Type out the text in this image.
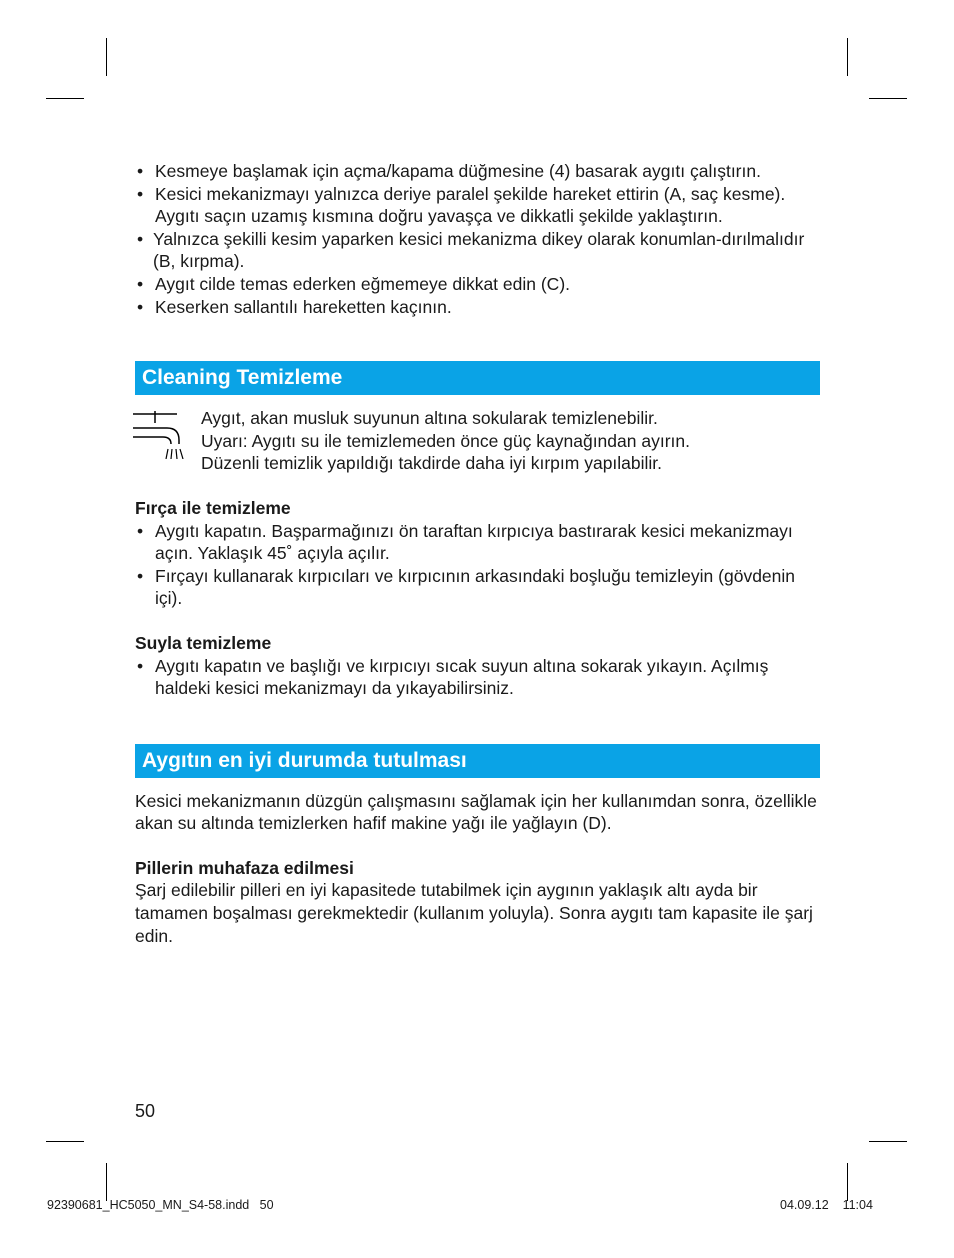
• Kesmeye başlamak için açma/kapama düğmesine (4) basarak aygıtı çalıştırın.
• Kesici mekanizmayı yalnızca deriye paralel şekilde hareket ettirin (A, saç kesme). Aygıtı saçın uzamış kısmına doğru yavaşça ve dikkatli şekilde yaklaştırın.
• Yalnızca şekilli kesim yaparken kesici mekanizma dikey olarak konumlan-dırılmalıdır (B, kırpma).
• Aygıt cilde temas ederken eğmemeye dikkat edin (C).
• Keserken sallantılı hareketten kaçının.
Cleaning Temizleme
Aygıt, akan musluk suyunun altına sokularak temizlenebilir.
Uyarı: Aygıtı su ile temizlemeden önce güç kaynağından ayırın.
Düzenli temizlik yapıldığı takdirde daha iyi kırpım yapılabilir.
Fırça ile temizleme
• Aygıtı kapatın. Başparmağınızı ön taraftan kırpıcıya bastırarak kesici mekanizmayı açın. Yaklaşık 45˚ açıyla açılır.
• Fırçayı kullanarak kırpıcıları ve kırpıcının arkasındaki boşluğu temizleyin (gövdenin içi).
Suyla temizleme
• Aygıtı kapatın ve başlığı ve kırpıcıyı sıcak suyun altına sokarak yıkayın. Açılmış haldeki kesici mekanizmayı da yıkayabilirsiniz.
Aygıtın en iyi durumda tutulması
Kesici mekanizmanın düzgün çalışmasını sağlamak için her kullanımdan sonra, özellikle akan su altında temizlerken hafif makine yağı ile yağlayın (D).
Pillerin muhafaza edilmesi
Şarj edilebilir pilleri en iyi kapasitede tutabilmek için aygının yaklaşık altı ayda bir tamamen boşalması gerekmektedir (kullanım yoluyla). Sonra aygıtı tam kapasite ile şarj edin.
50
92390681_HC5050_MN_S4-58.indd 50	04.09.12 11:04
